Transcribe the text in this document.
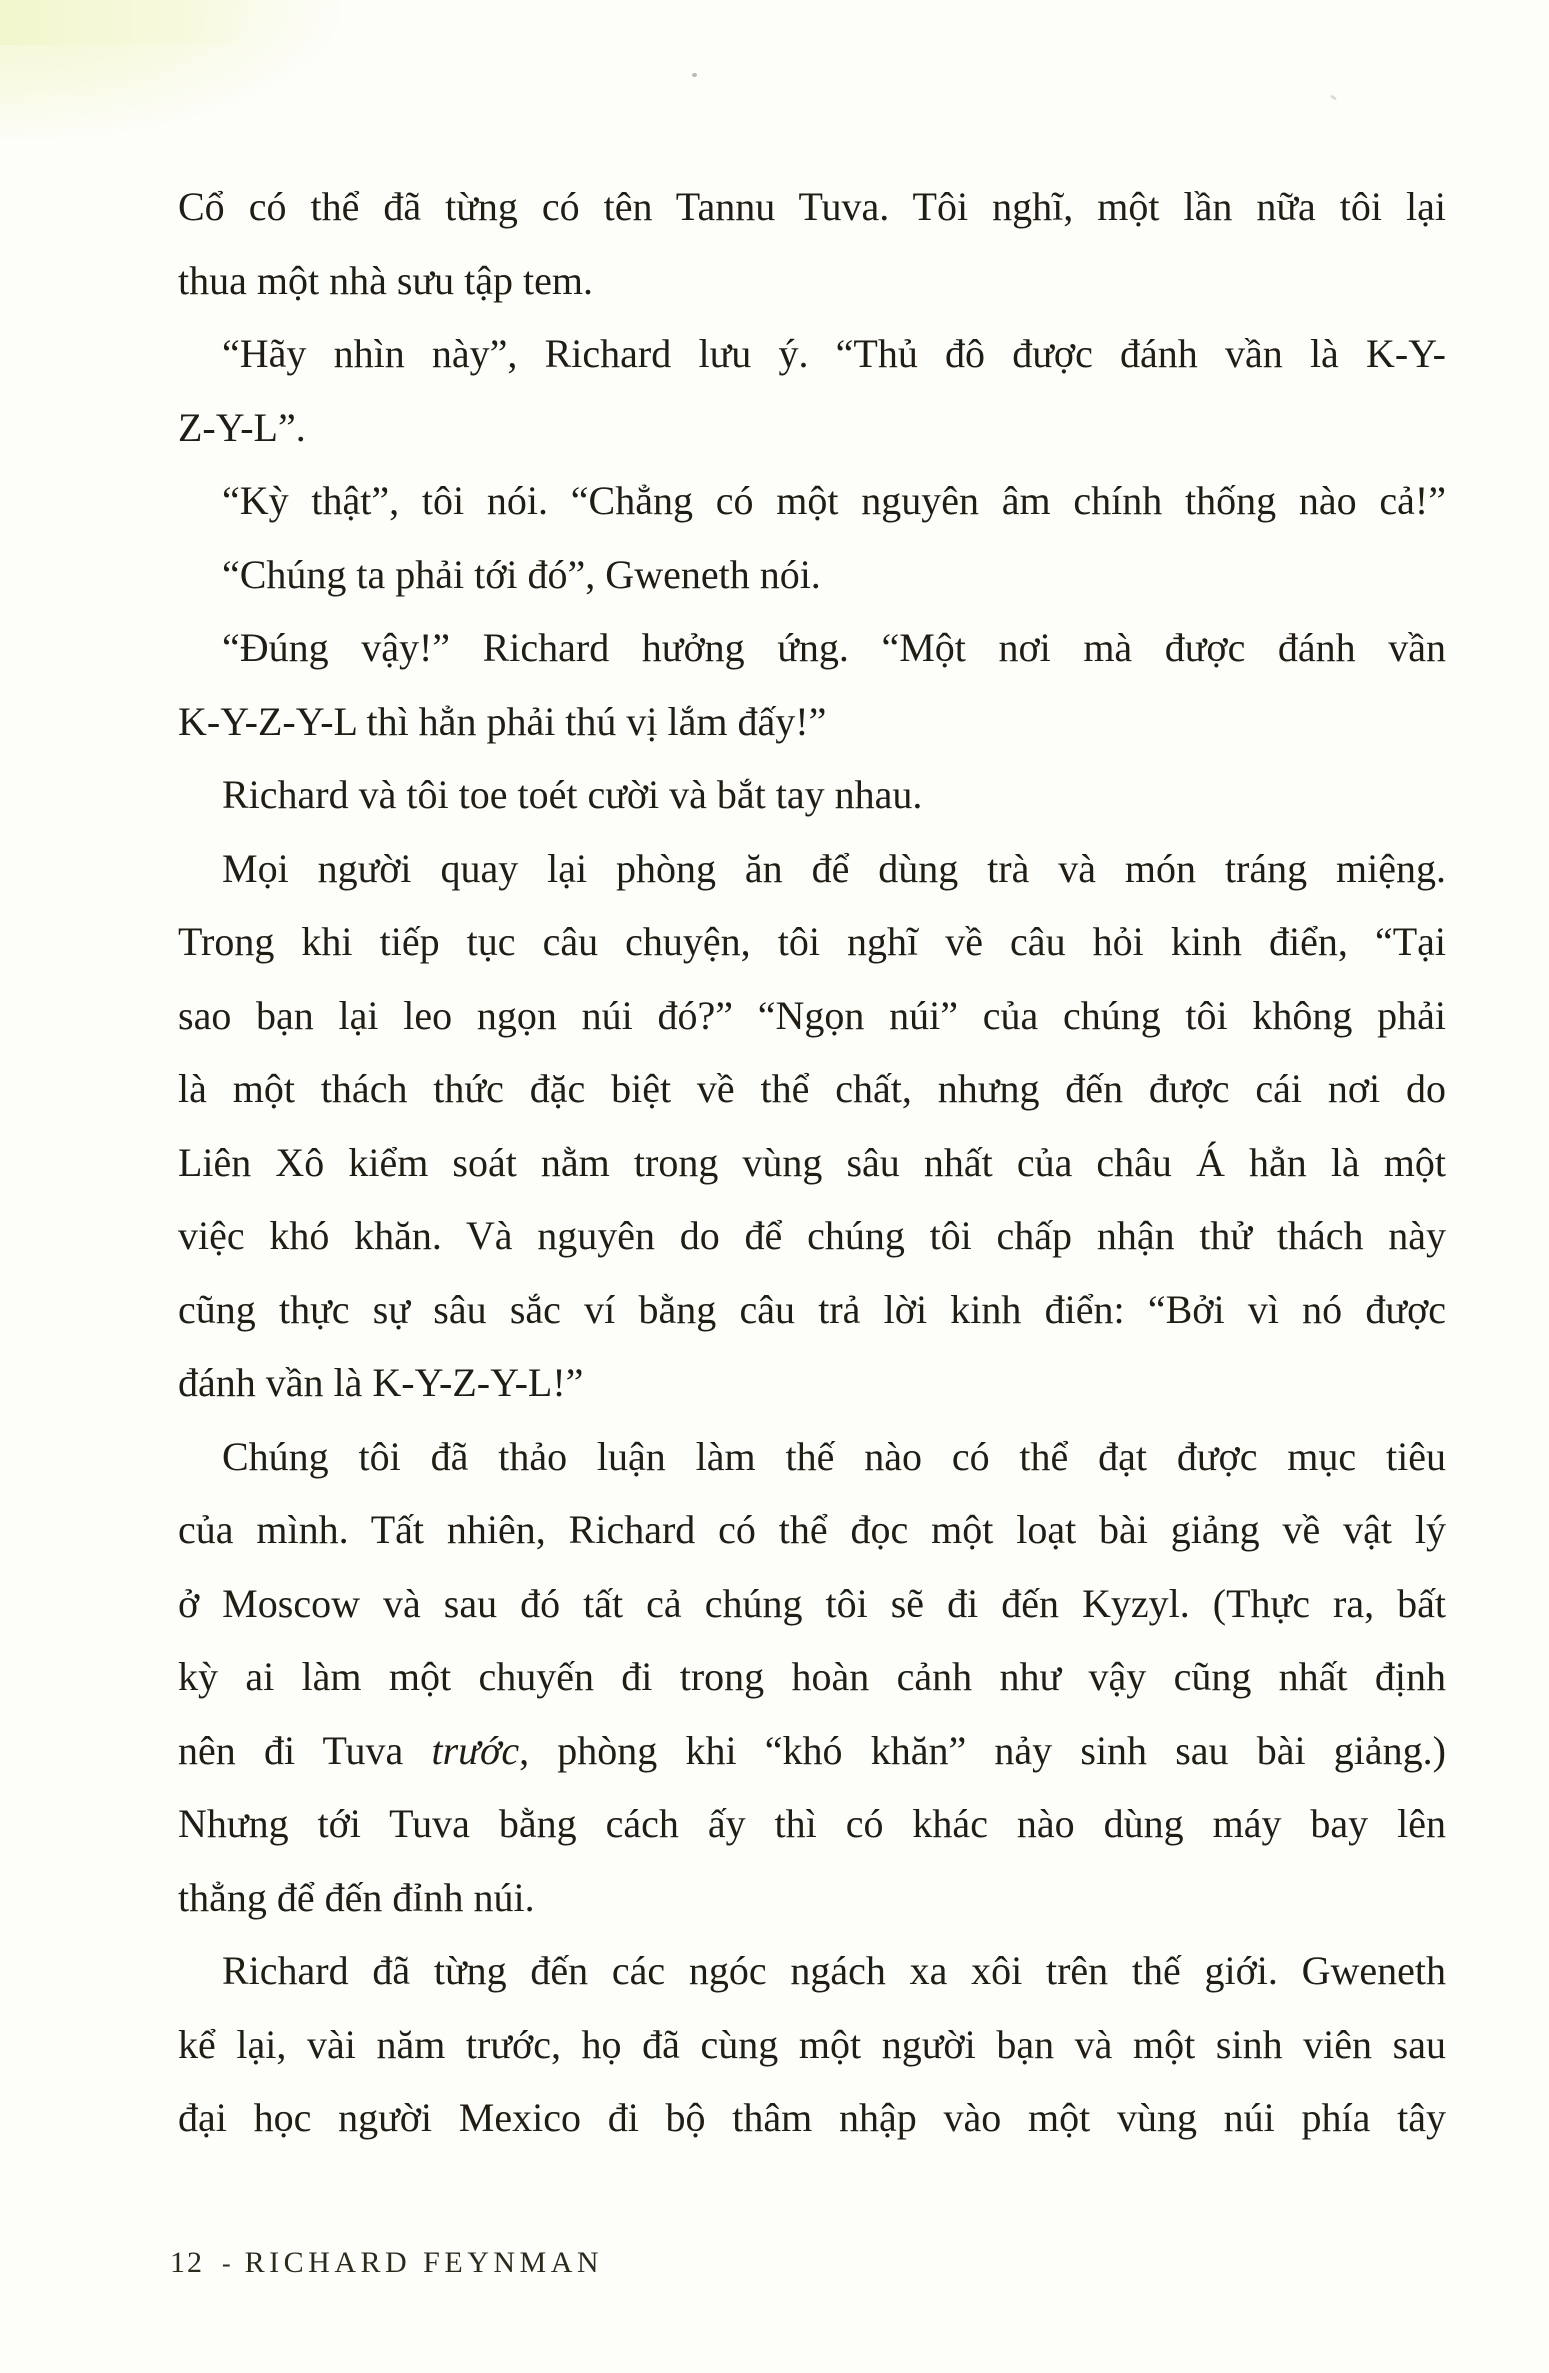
Cổ có thể đã từng có tên Tannu Tuva. Tôi nghĩ, một lần nữa tôi lại
thua một nhà sưu tập tem.
“Hãy nhìn này”, Richard lưu ý. “Thủ đô được đánh vần là K-Y-
Z-Y-L”.
“Kỳ thật”, tôi nói. “Chẳng có một nguyên âm chính thống nào cả!”
“Chúng ta phải tới đó”, Gweneth nói.
“Đúng vậy!” Richard hưởng ứng. “Một nơi mà được đánh vần
K-Y-Z-Y-L thì hẳn phải thú vị lắm đấy!”
Richard và tôi toe toét cười và bắt tay nhau.
Mọi người quay lại phòng ăn để dùng trà và món tráng miệng.
Trong khi tiếp tục câu chuyện, tôi nghĩ về câu hỏi kinh điển, “Tại
sao bạn lại leo ngọn núi đó?” “Ngọn núi” của chúng tôi không phải
là một thách thức đặc biệt về thể chất, nhưng đến được cái nơi do
Liên Xô kiểm soát nằm trong vùng sâu nhất của châu Á hẳn là một
việc khó khăn. Và nguyên do để chúng tôi chấp nhận thử thách này
cũng thực sự sâu sắc ví bằng câu trả lời kinh điển: “Bởi vì nó được
đánh vần là K-Y-Z-Y-L!”
Chúng tôi đã thảo luận làm thế nào có thể đạt được mục tiêu
của mình. Tất nhiên, Richard có thể đọc một loạt bài giảng về vật lý
ở Moscow và sau đó tất cả chúng tôi sẽ đi đến Kyzyl. (Thực ra, bất
kỳ ai làm một chuyến đi trong hoàn cảnh như vậy cũng nhất định
nên đi Tuva trước, phòng khi “khó khăn” nảy sinh sau bài giảng.)
Nhưng tới Tuva bằng cách ấy thì có khác nào dùng máy bay lên
thẳng để đến đỉnh núi.
Richard đã từng đến các ngóc ngách xa xôi trên thế giới. Gweneth
kể lại, vài năm trước, họ đã cùng một người bạn và một sinh viên sau
đại học người Mexico đi bộ thâm nhập vào một vùng núi phía tây
12 - RICHARD FEYNMAN
